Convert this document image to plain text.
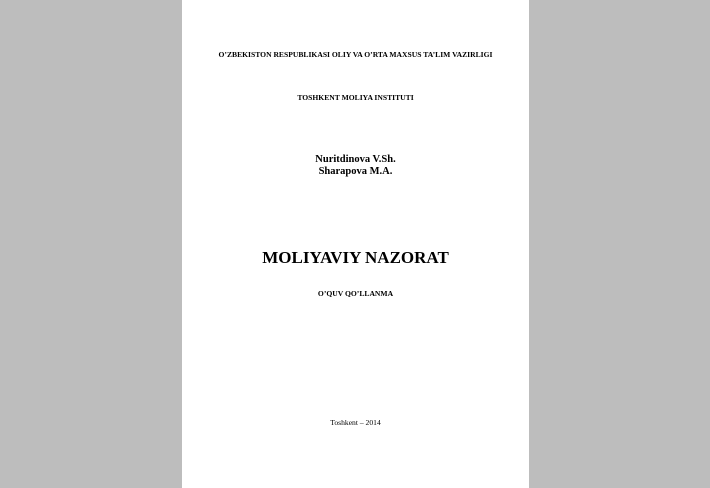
O’ZBEKISTON RESPUBLIKASI OLIY VA O’RTA MAXSUS TA’LIM VAZIRLIGI
TOSHKENT MOLIYA INSTITUTI
Nuritdinova V.Sh.
Sharapova M.A.
MOLIYAVIY NAZORAT
O’QUV QO’LLANMA
Toshkent – 2014
